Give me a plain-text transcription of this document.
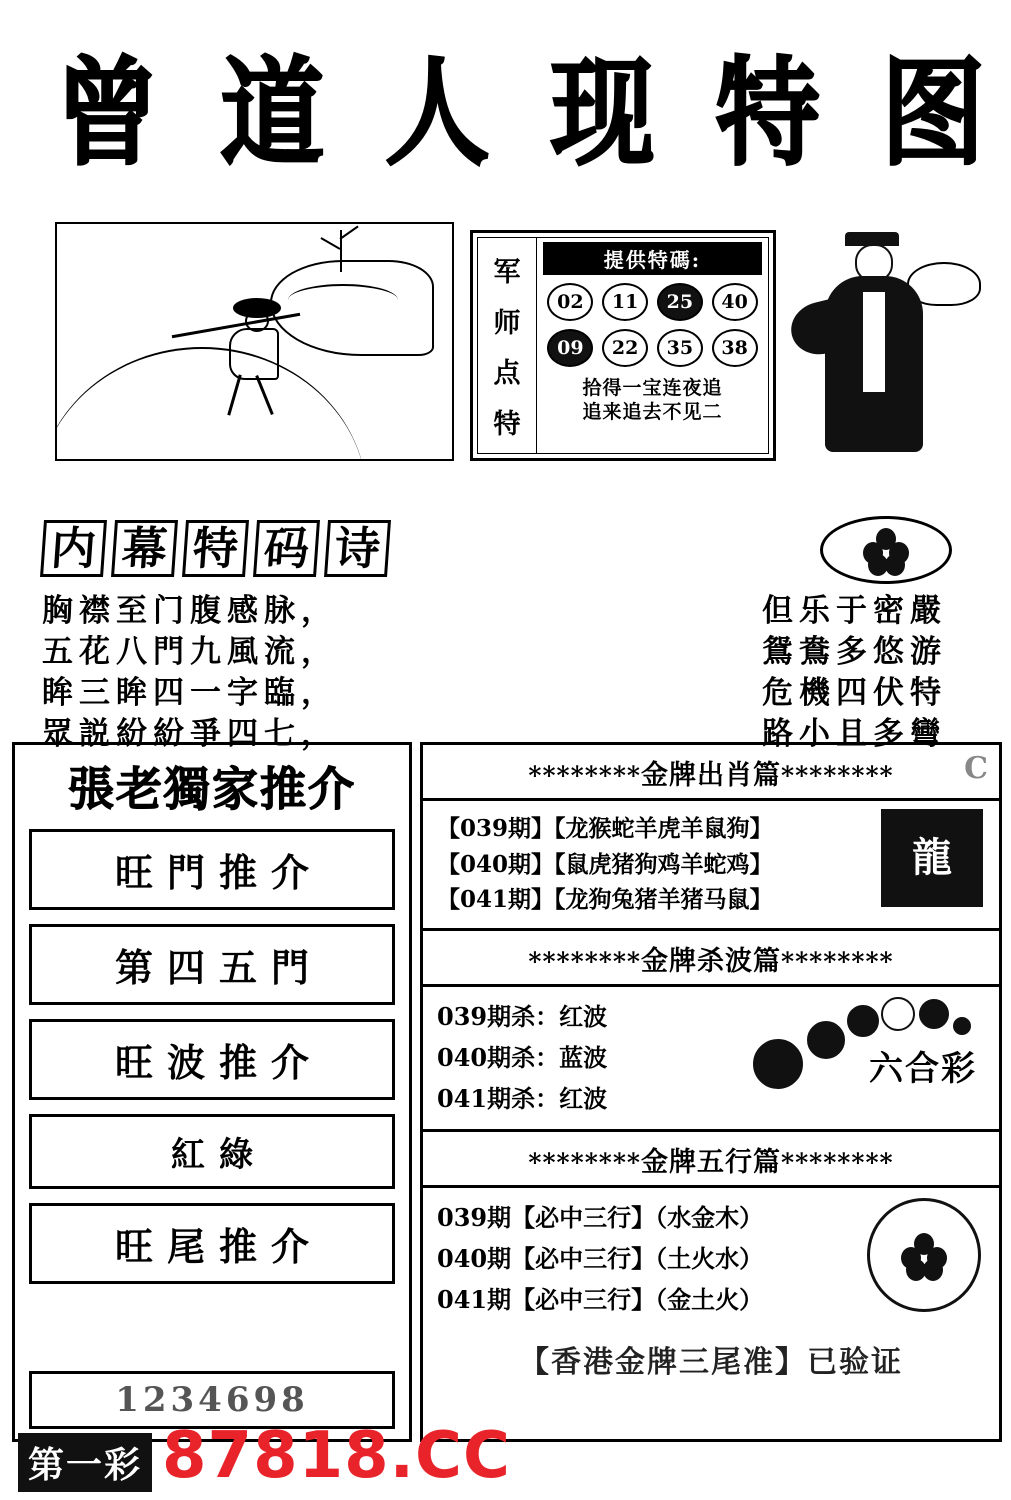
曾 道 人 现 特 图
军
师
点
特
提供特碼:
02	11	25	40
09	22	35	38
拾得一宝连夜追
追来追去不见二
内 幕 特 码 诗
胸襟至门腹感脉，	但乐于密嚴
五花八門九風流，	鴛鴦多悠游
眸三眸四一字臨，	危機四伏特
眾説紛紛爭四七，	路小且多彎
張老獨家推介
旺門推介
第四五門
旺波推介
紅綠
旺尾推介
1234698
********金牌出肖篇******** C
【039期】【龙猴蛇羊虎羊鼠狗】
【040期】【鼠虎猪狗鸡羊蛇鸡】
【041期】【龙狗兔猪羊猪马鼠】
龍
********金牌杀波篇********
039期杀：红波
040期杀：蓝波
041期杀：红波
六合彩
********金牌五行篇********
039期【必中三行】（水金木）
040期【必中三行】（土火水）
041期【必中三行】（金土火）
【香港金牌三尾准】已验证
第一彩 87818.CC
